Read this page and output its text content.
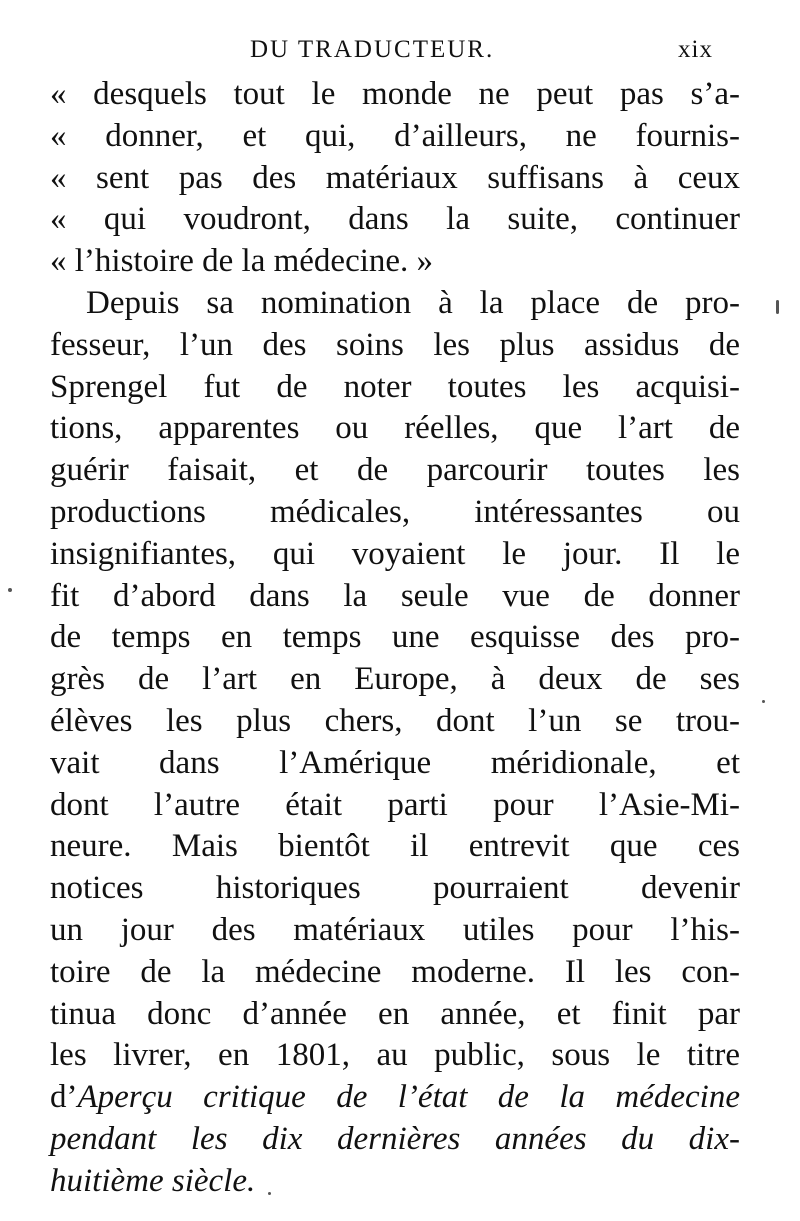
DU TRADUCTEUR.	xix
« desquels tout le monde ne peut pas s’a-
« donner, et qui, d’ailleurs, ne fournis-
« sent pas des matériaux suffisans à ceux
« qui voudront, dans la suite, continuer
« l’histoire de la médecine. »
Depuis sa nomination à la place de pro-
fesseur, l’un des soins les plus assidus de
Sprengel fut de noter toutes les acquisi-
tions, apparentes ou réelles, que l’art de
guérir faisait, et de parcourir toutes les
productions médicales, intéressantes ou
insignifiantes, qui voyaient le jour. Il le
fit d’abord dans la seule vue de donner
de temps en temps une esquisse des pro-
grès de l’art en Europe, à deux de ses
élèves les plus chers, dont l’un se trou-
vait dans l’Amérique méridionale, et
dont l’autre était parti pour l’Asie-Mi-
neure. Mais bientôt il entrevit que ces
notices historiques pourraient devenir
un jour des matériaux utiles pour l’his-
toire de la médecine moderne. Il les con-
tinua donc d’année en année, et finit par
les livrer, en 1801, au public, sous le titre
d’Aperçu critique de l’état de la médecine
pendant les dix dernières années du dix-
huitième siècle.
